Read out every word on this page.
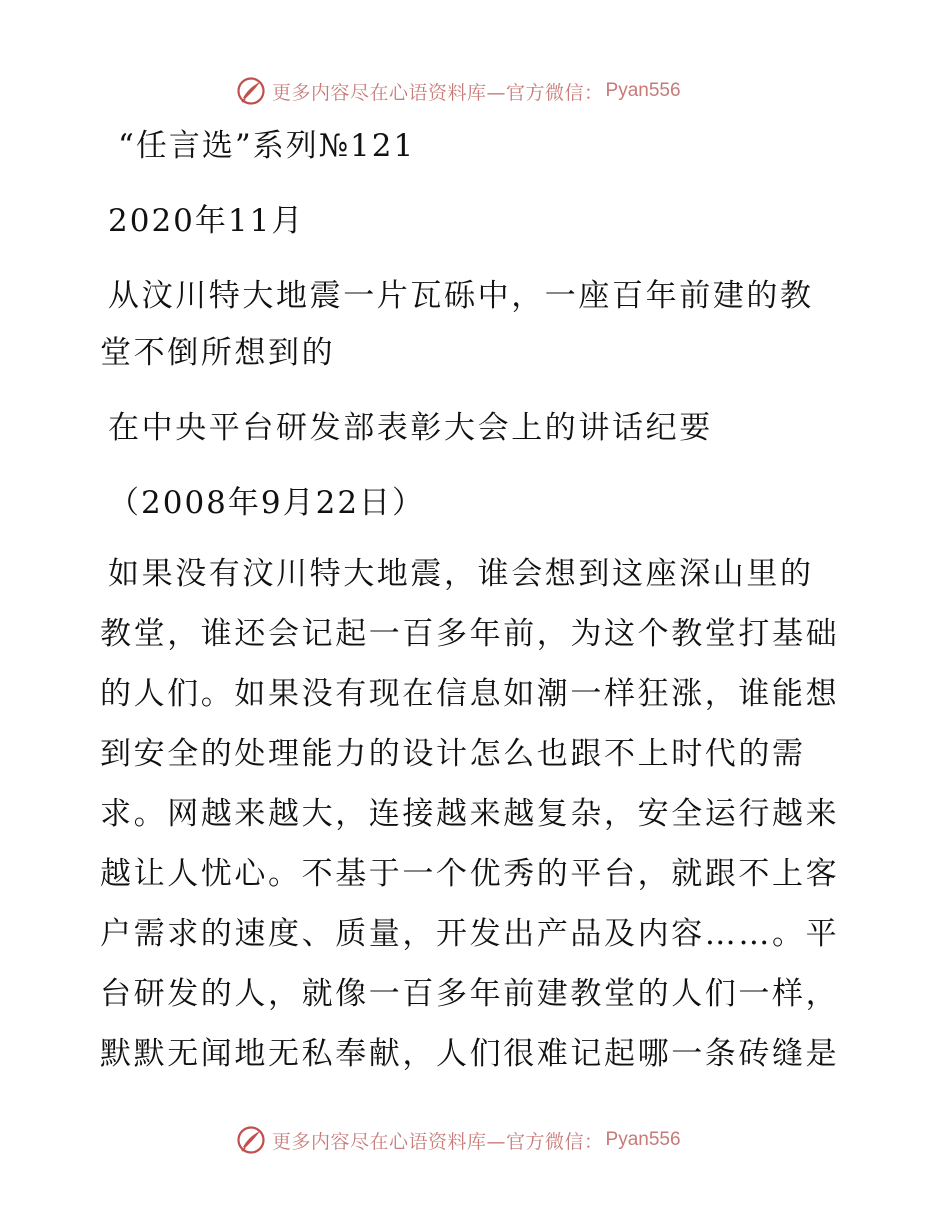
更多内容尽在心语资料库—官方微信： Pyan556
“任言选”系列№121
2020年11月
从汶川特大地震一片瓦砾中，一座百年前建的教
堂不倒所想到的
在中央平台研发部表彰大会上的讲话纪要
（2008年9月22日）
如果没有汶川特大地震，谁会想到这座深山里的
教堂，谁还会记起一百多年前，为这个教堂打基础
的人们。如果没有现在信息如潮一样狂涨，谁能想
到安全的处理能力的设计怎么也跟不上时代的需
求。网越来越大，连接越来越复杂，安全运行越来
越让人忧心。不基于一个优秀的平台，就跟不上客
户需求的速度、质量，开发出产品及内容……。平
台研发的人，就像一百多年前建教堂的人们一样，
默默无闻地无私奉献，人们很难记起哪一条砖缝是
更多内容尽在心语资料库—官方微信： Pyan556
